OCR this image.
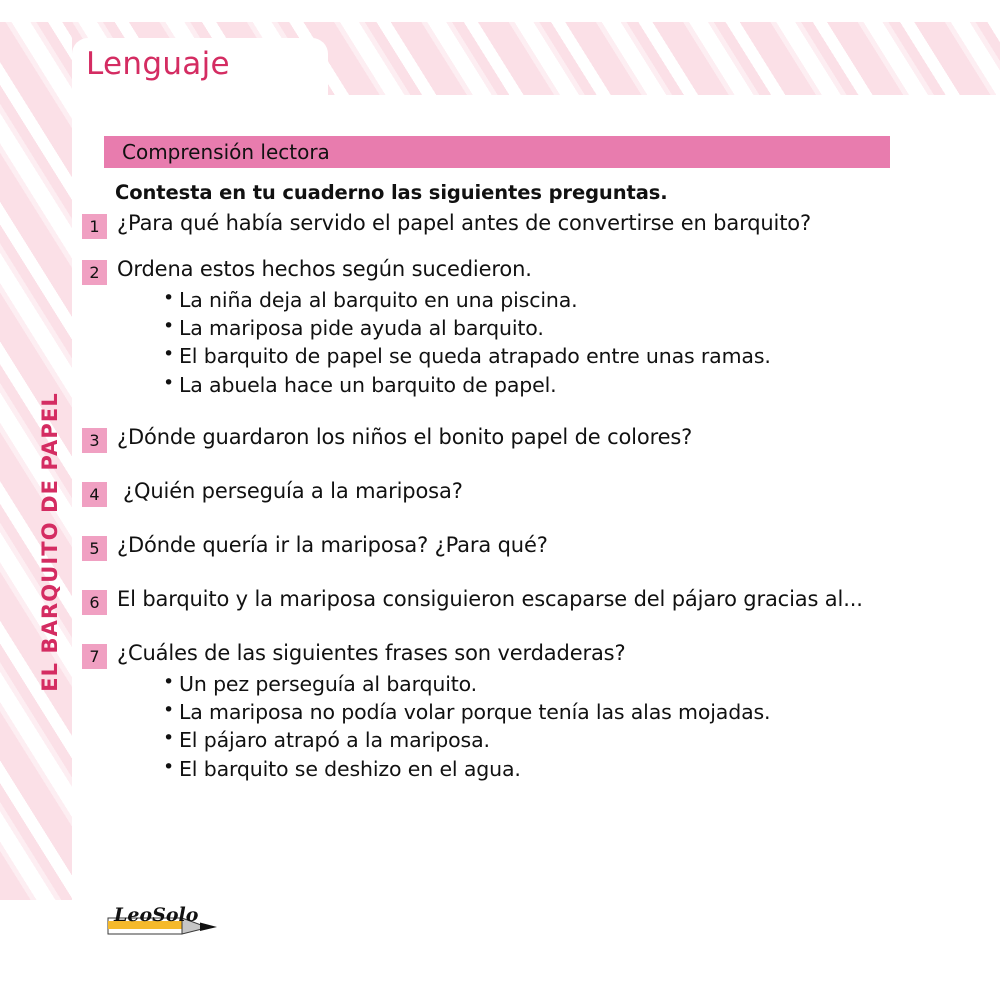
Lenguaje
EL BARQUITO DE PAPEL
Comprensión lectora
Contesta en tu cuaderno las siguientes preguntas.
1 ¿Para qué había servido el papel antes de convertirse en barquito?
2 Ordena estos hechos según sucedieron.
• La niña deja al barquito en una piscina.
• La mariposa pide ayuda al barquito.
• El barquito de papel se queda atrapado entre unas ramas.
• La abuela hace un barquito de papel.
3 ¿Dónde guardaron los niños el bonito papel de colores?
4	¿Quién perseguía a la mariposa?
5 ¿Dónde quería ir la mariposa? ¿Para qué?
6 El barquito y la mariposa consiguieron escaparse del pájaro gracias al...
7 ¿Cuáles de las siguientes frases son verdaderas?
• Un pez perseguía al barquito.
• La mariposa no podía volar porque tenía las alas mojadas.
• El pájaro atrapó a la mariposa.
• El barquito se deshizo en el agua.
LeoSolo
